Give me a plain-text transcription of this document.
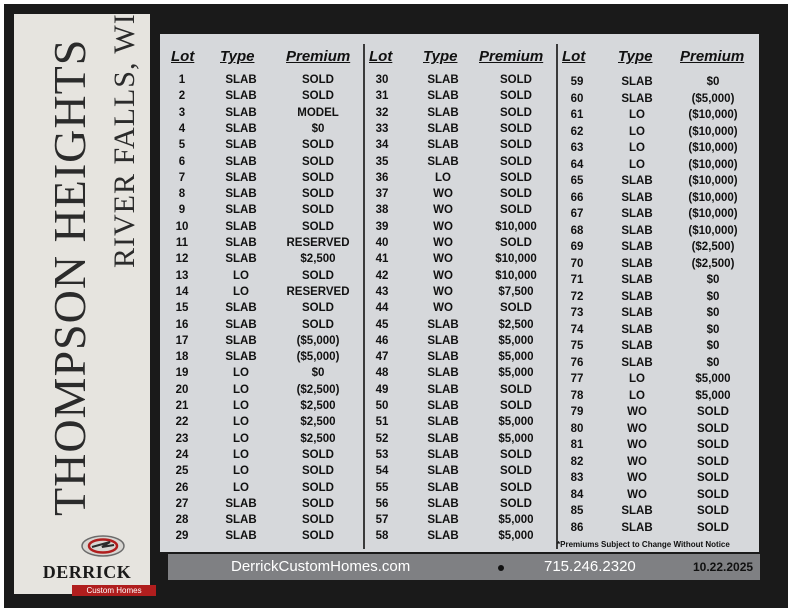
THOMPSON HEIGHTS RIVER FALLS, WI
DERRICK
Custom Homes
Lot Type Premium
1	SLAB	SOLD
2	SLAB	SOLD
3	SLAB	MODEL
4	SLAB	$0
5	SLAB	SOLD
6	SLAB	SOLD
7	SLAB	SOLD
8	SLAB	SOLD
9	SLAB	SOLD
10	SLAB	SOLD
11	SLAB	RESERVED
12	SLAB	$2,500
13	LO	SOLD
14	LO	RESERVED
15	SLAB	SOLD
16	SLAB	SOLD
17	SLAB	($5,000)
18	SLAB	($5,000)
19	LO	$0
20	LO	($2,500)
21	LO	$2,500
22	LO	$2,500
23	LO	$2,500
24	LO	SOLD
25	LO	SOLD
26	LO	SOLD
27	SLAB	SOLD
28	SLAB	SOLD
29	SLAB	SOLD
Lot Type Premium
30	SLAB	SOLD
31	SLAB	SOLD
32	SLAB	SOLD
33	SLAB	SOLD
34	SLAB	SOLD
35	SLAB	SOLD
36	LO	SOLD
37	WO	SOLD
38	WO	SOLD
39	WO	$10,000
40	WO	SOLD
41	WO	$10,000
42	WO	$10,000
43	WO	$7,500
44	WO	SOLD
45	SLAB	$2,500
46	SLAB	$5,000
47	SLAB	$5,000
48	SLAB	$5,000
49	SLAB	SOLD
50	SLAB	SOLD
51	SLAB	$5,000
52	SLAB	$5,000
53	SLAB	SOLD
54	SLAB	SOLD
55	SLAB	SOLD
56	SLAB	SOLD
57	SLAB	$5,000
58	SLAB	$5,000
Lot Type Premium
59	SLAB	$0
60	SLAB	($5,000)
61	LO	($10,000)
62	LO	($10,000)
63	LO	($10,000)
64	LO	($10,000)
65	SLAB	($10,000)
66	SLAB	($10,000)
67	SLAB	($10,000)
68	SLAB	($10,000)
69	SLAB	($2,500)
70	SLAB	($2,500)
71	SLAB	$0
72	SLAB	$0
73	SLAB	$0
74	SLAB	$0
75	SLAB	$0
76	SLAB	$0
77	LO	$5,000
78	LO	$5,000
79	WO	SOLD
80	WO	SOLD
81	WO	SOLD
82	WO	SOLD
83	WO	SOLD
84	WO	SOLD
85	SLAB	SOLD
86	SLAB	SOLD
*Premiums Subject to Change Without Notice
DerrickCustomHomes.com	715.246.2320	10.22.2025
